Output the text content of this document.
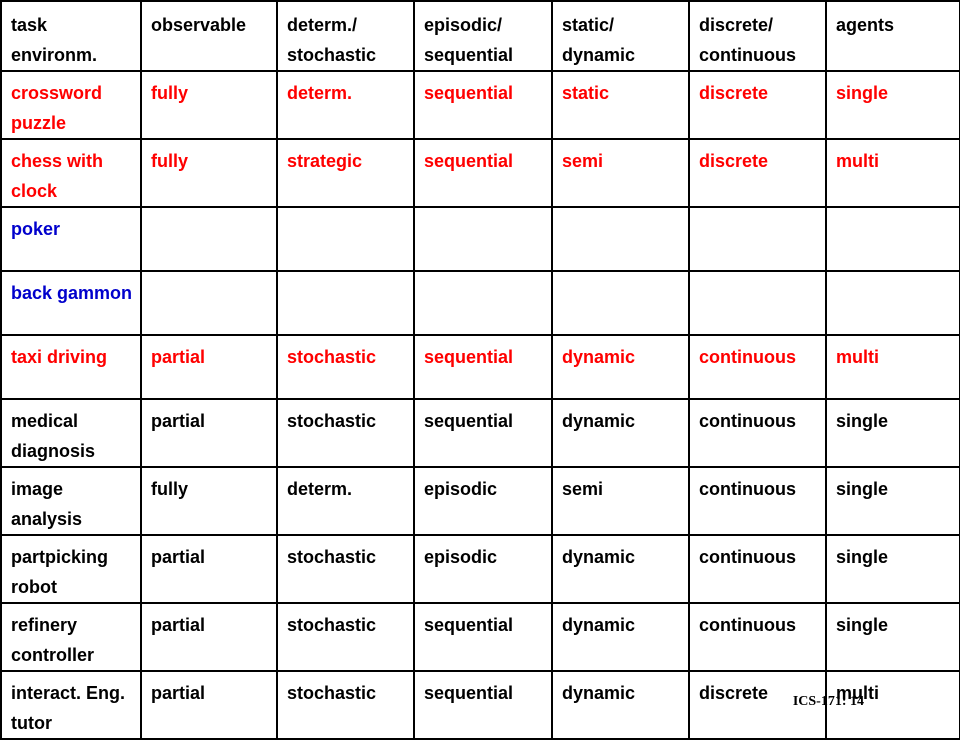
task environm.	observable	determ./ stochastic	episodic/ sequential	static/ dynamic	discrete/ continuous	agents
crossword puzzle	fully	determ.	sequential	static	discrete	single
chess with clock	fully	strategic	sequential	semi	discrete	multi
poker						
back gammon						
taxi driving	partial	stochastic	sequential	dynamic	continuous	multi
medical diagnosis	partial	stochastic	sequential	dynamic	continuous	single
image analysis	fully	determ.	episodic	semi	continuous	single
partpicking robot	partial	stochastic	episodic	dynamic	continuous	single
refinery controller	partial	stochastic	sequential	dynamic	continuous	single
interact. Eng. tutor	partial	stochastic	sequential	dynamic	discrete	multi
ICS-171: 14
